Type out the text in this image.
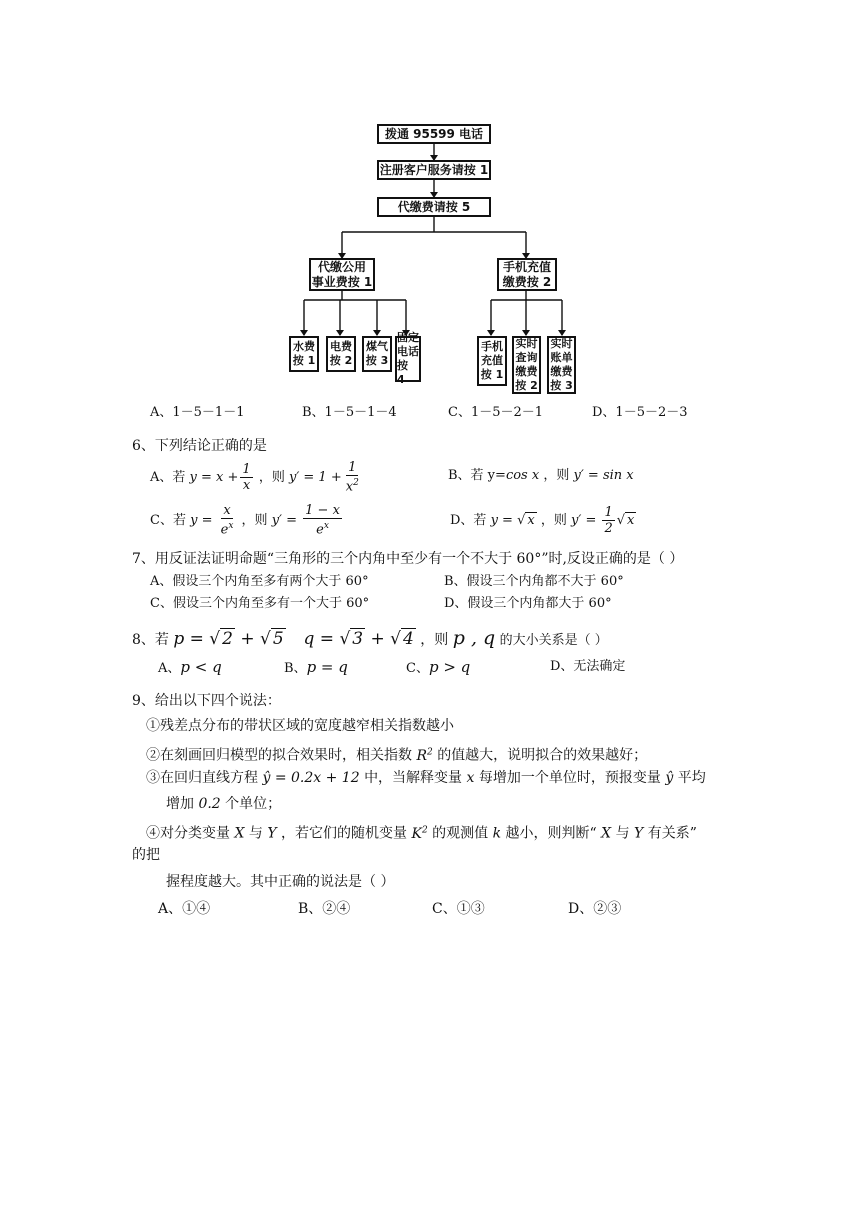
拨通 95599 电话
注册客户服务请按 1
代缴费请按 5
代缴公用
事业费按 1
手机充值
缴费按 2
水费
按 1
电费
按 2
煤气
按 3
固定
电话
按 4
手机
充值
按 1
实时
查询
缴费
按 2
实时
账单
缴费
按 3
A、1－5－1－1	B、1－5－1－4	C、1－5－2－1	D、1－5－2－3
6、下列结论正确的是
A、若 $y = x + \frac{1}{x}$ ，则 $y' = 1 + \frac{1}{x^2}$	B、若 y=cos x ，则 y′ = sin x
C、若 $y = \frac{x}{e^x}$ ，则 $y' = \frac{1 - x}{e^x}$	D、若 y = √ x ，则 $y' = \frac{1}{2}$ √ x
7、用反证法证明命题“三角形的三个内角中至少有一个不大于 60°”时,反设正确的是（ ）
A、假设三个内角至多有两个大于 60°	B、假设三个内角都不大于 60°
C、假设三个内角至多有一个大于 60°	D、假设三个内角都大于 60°
8、若 p = √ 2 + √ 5 q = √ 3 + √ 4 ，则 p , q 的大小关系是（ ）
A、p < q	B、p = q	C、p > q	D、无法确定
9、给出以下四个说法：
①残差点分布的带状区域的宽度越窄相关指数越小
②在刻画回归模型的拟合效果时，相关指数 $R^2$ 的值越大，说明拟合的效果越好；
③在回归直线方程 ŷ = 0.2x + 12 中，当解释变量 x 每增加一个单位时，预报变量 ŷ 平均
增加 0.2 个单位；
④对分类变量 X 与 Y ，若它们的随机变量 $K^2$ 的观测值 k 越小，则判断“ X 与 Y 有关系”
的把
握程度越大。其中正确的说法是（ ）
A、①④	B、②④	C、①③	D、②③
